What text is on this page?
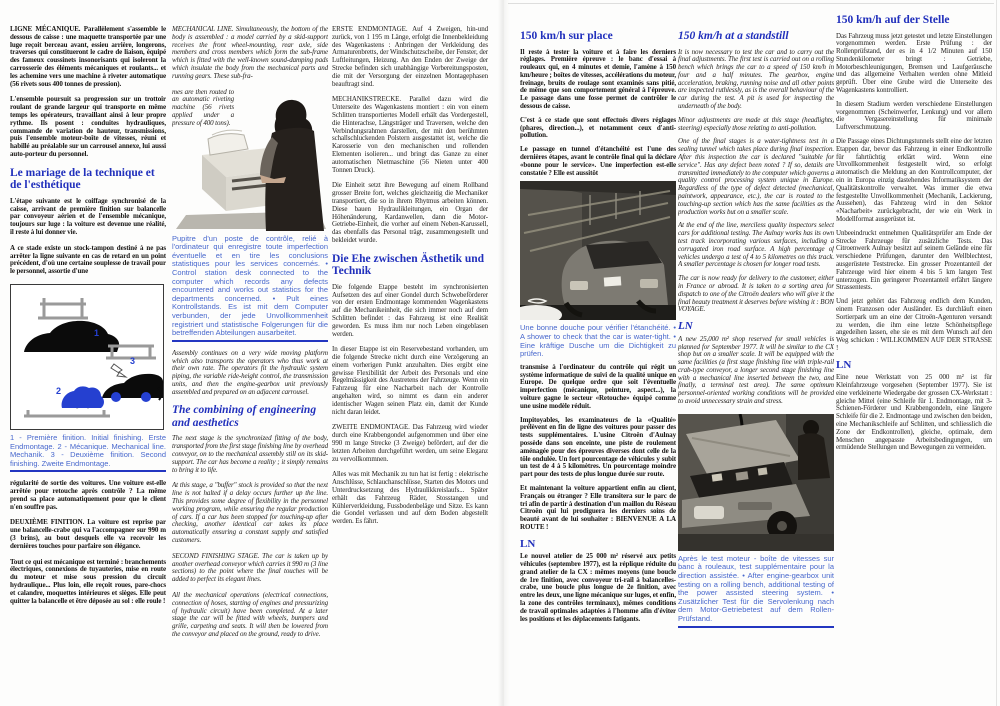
LIGNE MÉCANIQUE. Parallèlement s'assemble le dessous de caisse : une maquette transportée par une luge reçoit berceau avant, essieu arrière, longerons, traverses qui constitueront le cadre de liaison, équipé des fameux coussinets insonorisants qui isoleront la carrosserie des éléments mécaniques et roulants... et les achemine vers une machine à riveter automatique (56 rivets sous 400 tonnes de pression).

L'ensemble poursuit sa progression sur un trottoir roulant de grande largeur qui transporte en même temps les opérateurs, travaillant ainsi à leur propre rythme. Ils posent : conduites hydrauliques, commande de variation de hauteur, transmissions, puis l'ensemble moteur-boîte de vitesses, réuni et habillé au préalable sur un carrousel annexe, lui aussi auto-porteur du personnel.

Le mariage de la technique et de l'esthétique

L'étape suivante est le coiffage synchronisé de la caisse, arrivant de première finition sur balancelle par convoyeur aérien et de l'ensemble mécanique, toujours sur luge : la voiture est devenue une réalité, il reste à lui donner vie.

A ce stade existe un stock-tampon destiné à ne pas arrêter la ligne suivante en cas de retard en un point précédent, d'où une certaine souplesse de travail pour le personnel, assortie d'une

1
3
2

1 - Première finition. Initial finishing. Erste Endmontage. 2 - Mécanique. Mechanical line. Mechanik. 3 - Deuxième finition. Second finishing. Zweite Endmontage.

régularité de sortie des voitures. Une voiture est-elle arrêtée pour retouche après contrôle ? La même prend sa place automatiquement pour que le client n'en souffre pas.

DEUXIÈME FINITION. La voiture est reprise par une balancelle-crabe qui va l'accompagner sur 990 m (3 brins), au bout desquels elle va recevoir les dernières touches pour parfaire son élégance.

Tout ce qui est mécanique est terminé : branchements électriques, connexions de tuyauteries, mise en route du moteur et mise sous pression du circuit hydraulique... Plus loin, elle reçoit roues, pare-chocs et calandre, moquettes intérieures et sièges. Elle peut quitter la balancelle et être déposée au sol : elle roule !

MECHANICAL LINE. Simultaneously, the bottom of the body is assembled : a model carried by a skid-support receives the front wheel-mounting, rear axle, side members and cross members which form the sub-frame which is fitted with the well-known sound-damping pads which insulate the body from the mechanical parts and running gears. These sub-fra-

mes are then routed to an automatic riveting machine (56 rivets applied under a pressure of 400 tons).

Pupitre d'un poste de contrôle, relié à l'ordinateur qui enregistre toute imperfection éventuelle et en tire les conclusions statistiques pour les services concernés. • Control station desk connected to the computer which records any defects encountered and works out statistics for the departments concerned. • Pult eines Kontrollstands. Es ist mit dem Computer verbunden, der jede Unvollkommenheit registriert und statistische Folgerungen für die betreffenden Abteilungen ausarbeitet.

Assembly continues on a very wide moving platform which also transports the operators who thus work at their own rate. The operators fit the hydraulic system piping, the variable ride-height control, the transmission units, and then the engine-gearbox unit previously assembled and prepared on an adjacent carrousel.

The combining of engineering and aesthetics

The next stage is the synchronized fitting of the body, transported from the first stage finishing line by overhead conveyor, on to the mechanical assembly still on its skid-support. The car has become a reality ; it simply remains to bring it to life.

At this stage, a "buffer" stock is provided so that the next line is not halted if a delay occurs further up the line. This provides some degree of flexibility in the personnel working program, while ensuring the regular production of cars. If a car has been stopped for touching-up after checking, another identical car takes its place automatically ensuring a constant supply and satisfied customers.

SECOND FINISHING STAGE. The car is taken up by another overhead conveyor which carries it 990 m (3 line sections) to the point where the final touches will be added to perfect its elegant lines.

All the mechanical operations (electrical connections, connection of hoses, starting of engines and pressurizing of hydraulic circuit) have been completed. At a later stage the car will be fitted with wheels, bumpers and grille, carpeting and seats. It will then be lowered from the conveyor and placed on the ground, ready to drive.

ERSTE ENDMONTAGE. Auf 4 Zweigen, hin-und zurück, von 1 195 m Länge, erfolgt die Innenbekleidung des Wagenkastens : Anbringen der Verkleidung des Armaturenbretts, der Windschutzscheibe, der Fenster, der Luftleitungen, Heizung. An den Enden der Zweige der Strecke befinden sich unabhängige Vorbereitungsposten, die mit der Versorgung der einzelnen Montagephasen beauftragt sind.

MECHANIKSTRECKE. Parallel dazu wird die Unterseite des Wagenkastens montiert : ein von einem Schlitten transportiertes Modell erhält das Vordergestell, die Hinterachse, Längsträger und Traversen, welche den Verbindungsrahmen darstellen, der mit den berühmten schallschluckenden Polstern ausgestattet ist, welche die Karosserie von den mechanischen und rollenden Elementen isolieren... und bringt das Ganze zu einer automatischen Nietmaschine (56 Nieten unter 400 Tonnen Druck).

Die Einheit setzt ihre Bewegung auf einem Rollband grosser Breite fort, welches gleichzeitig die Mechaniker transportiert, die so in ihrem Rhytmus arbeiten können. Diese bauen Hydraulikleitungen, ein Organ der Höhenänderung, Kardanwellen, dann die Motor-Getriebe-Einheit, die vorher auf einem Neben-Karussell, das ebenfalls das Personal trägt, zusammengestellt und bekleidet wurde.

Die Ehe zwischen Ästhetik und Technik

Die folgende Etappe besteht im synchronisierten Aufsetzen des auf einer Gondel durch Schwebeförderer von der ersten Endmontage kommenden Wagenkastens auf die Mechanikeinheit, die sich immer noch auf dem Schlitten befindet : das Fahrzeug ist eine Realität geworden. Es muss ihm nur noch Leben eingeblasen werden.

In dieser Etappe ist ein Reservebestand vorhanden, um die folgende Strecke nicht durch eine Verzögerung an einem vorherigen Punkt anzuhalten. Dies ergibt eine gewisse Flexibilität der Arbeit des Personals und eine Regelmässigkeit des Austretens der Fahrzeuge. Wenn ein Fahrzeug für eine Nacharbeit nach der Kontrolle angehalten wird, so nimmt es dann ein anderer identischer Wagen seinen Platz ein, damit der Kunde nicht daran leidet.

ZWEITE ENDMONTAGE. Das Fahrzeug wird wieder durch eine Krabbengondel aufgenommen und über eine 990 m lange Strecke (3 Zweige) befördert, auf der die letzten Arbeiten durchgeführt werden, um seine Eleganz zu vervollkommnen.

Alles was mit Mechanik zu tun hat ist fertig : elektrische Anschlüsse, Schlauchanschlüsse, Starten des Motors und Unterdrucksetzung des Hydraulikkreislaufs... Später erhält das Fahrzeug Räder, Stosstangen und Kühlerverkleidung, Fussbodenbeläge und Sitze. Es kann die Gondel verlassen und auf dem Boden abgestellt werden. Es fährt.

150 km/h sur place

Il reste à tester la voiture et à faire les derniers réglages. Première épreuve : le banc d'essai à rouleaux qui, en 4 minutes et demie, l'amène à 150 km/heure ; boîtes de vitesses, accélérations du moteur, freinage, bruits de roulage sont examinés sans pitié, de même que son comportement général à l'épreuve. Le passage dans une fosse permet de contrôler le dessous de caisse.

C'est à ce stade que sont effectués divers réglages (phares, direction...), et notamment ceux d'anti-pollution.

Le passage en tunnel d'étanchéité est l'une des dernières étapes, avant le contrôle final qui la déclare «bonne pour le service». Une imperfection est-elle constatée ? Elle est aussitôt

Une bonne douche pour vérifier l'étanchéité. • A shower to check that the car is water-tight. • Eine kräftige Dusche um die Dichtigkeit zu prüfen.

transmise à l'ordinateur du contrôle qui régit un système informatique de suivi de la qualité unique en Europe. De quelque ordre que soit l'éventuelle imperfection (mécanique, peinture, aspect...), la voiture gagne le secteur «Retouche» équipé comme une usine modèle réduit.

Impitoyables, les examinateurs de la «Qualité» prélèvent en fin de ligne des voitures pour passer des tests supplémentaires. L'usine Citroën d'Aulnay possède dans son enceinte, une piste de roulement aménagée pour des épreuves diverses dont celle de la tôle ondulée. Un fort pourcentage de véhicules y subit un test de 4 à 5 kilomètres. Un pourcentage moindre part pour des tests de plus longue durée sur route.

Et maintenant la voiture appartient enfin au client, Français ou étranger ? Elle transitera sur le parc de tri afin de partir à destination d'un maillon du Réseau Citroën qui lui prodiguera les derniers soins de beauté avant de lui souhaiter : BIENVENUE A LA ROUTE !

LN

Le nouvel atelier de 25 000 m² réservé aux petits véhicules (septembre 1977), est la réplique réduite du grand atelier de la CX : mêmes moyens (une boucle de 1re finition, avec convoyeur tri-rail à balancelles-crabe, une boucle plus longue de 2e finition, avec entre les deux, une ligne mécanique sur luges, et enfin, la zone des contrôles terminaux), mêmes conditions de travail optimales adaptées à l'homme afin d'éviter les positions et les déplacements fatigants.

150 km/h at a standstill

It is now necessary to test the car and to carry out the final adjustments. The first test is carried out on a rolling bench which brings the car to a speed of 150 km/h in four and a half minutes. The gearbox, engine acceleration, braking, running noise and all other points are inspected ruthlessly, as is the overall behaviour of the car during the test. A pit is used for inspecting the underneath of the body.

Minor adjustments are made at this stage (headlights, steering) especially those relating to anti-pollution.

One of the final stages is a water-tightness test in a sealing tunnel which takes place during final inspection. After this inspection the car is declared "suitable for service". Has any defect been noted ? If so, details are transmitted immediately to the computer which governs a quality control processing system unique in Europe. Regardless of the type of defect detected (mechanical, paintwork, appearance, etc.), the car is routed to the touching-up section which has the same facilities as the production works but on a smaller scale.

At the end of the line, merciless quality inspectors select cars for additional testing. The Aulnay works has its own test track incorporating various surfaces, including a corrugated iron road surface. A high percentage of vehicles undergo a test of 4 to 5 kilometres on this track. A smaller percentage is chosen for longer road tests.

The car is now ready for delivery to the customer, either in France or abroad. It is taken to a sorting area for dispatch to one of the Citroën dealers who will give it the final beauty treatment it deserves before wishing it : BON VOYAGE.

LN

A new 25,000 m² shop reserved for small vehicles is planned for September 1977. It will be similar to the CX shop but on a smaller scale. It will be equipped with the same facilities (a first stage finishing line with triple-rail crab-type conveyor, a longer second stage finishing line with a mechanical line inserted between the two, and finally, a terminal test area). The same optimum personnel-oriented working conditions will be provided to avoid unnecessary strain and stress.

Après le test moteur - boîte de vitesses sur banc à rouleaux, test supplémentaire pour la direction assistée. • After engine-gearbox unit testing on a rolling bench, additional testing of the power assisted steering system. • Zusätzlicher Test für die Servolenkung nach dem Motor-Getriebetest auf dem Rollen-Prüfstand.

150 km/h auf der Stelle

Das Fahrzeug muss jetzt getestet und letzte Einstellungen vorgenommen werden. Erste Prüfung : der Rollenprüfstand, der es in 4 1/2 Minuten auf 150 Stundenkilometer bringt : Getriebe, Motorbeschleunigungen, Bremsen und Laufgeräusche und das allgemeine Verhalten werden ohne Mitleid geprüft. Über eine Grube wird die Unterseite des Wagenkastens kontrolliert.

In diesem Stadium werden verschiedene Einstellungen vorgenommen (Scheinwerfer, Lenkung) und vor allem die Vergasereinstellung für minimale Luftverschmutzung.

Die Passage eines Dichtungstunnels stellt eine der letzten Etappen dar, bevor das Fahrzeug in einer Endkontrolle für fahrtüchtig erklärt wird. Wenn eine Unvollkommenheit festgestellt wird, so erfolgt automatisch die Meldung an den Kontrollcomputer, der ein in Europa einzig dastehendes Informatiksystem der Qualitätskontrolle verwaltet. Was immer die etwa festgestellte Unvollkommenheit (Mechanik, Lackierung, Aussehen), das Fahrzeug wird in den Sektor «Nacharbeit» zurückgebracht, der wie ein Werk in Modellformat ausgerüstet ist.

Unbeeindruckt entnehmen Qualitätsprüfer am Ende der Strecke Fahrzeuge für zusätzliche Tests. Das Citroenwerk Aulnay besitzt auf seinem Gelände eine für verschiedene Prüfungen, darunter den Wellblechtest, ausgerüstete Teststrecke. Ein grosser Prozentanteil der Fahrzeuge wird hier einem 4 bis 5 km langen Test unterzogen. Ein geringerer Prozentanteil erfährt längere Strassentests.

Und jetzt gehört das Fahrzeug endlich dem Kunden, einem Franzosen oder Ausländer. Es durchläuft einen Sortierpark um an eine der Citroën-Agenturen versandt zu werden, die ihm eine letzte Schönheitspflege angedeihen lassen, ehe sie es mit dem Wunsch auf den Weg schicken : WILLKOMMEN AUF DER STRASSE !

LN

Eine neue Werkstatt von 25 000 m² ist für Kleinfahrzeuge vorgesehen (September 1977). Sie ist eine verkleinerte Wiedergabe der grossen CX-Werkstatt : gleiche Mittel (eine Schleife für 1. Endmontage, mit 3-Schienen-Förderer und Krabbengondeln, eine längere Schleife für die 2. Endmontage und zwischen den beiden, eine Mechanikschleife auf Schlitten, und schliesslich die Zone der Endkontrollen), gleiche, optimale, dem Menschen angepasste Arbeitsbedingungen, um ermüdende Stellungen und Bewegungen zu vermeiden.
